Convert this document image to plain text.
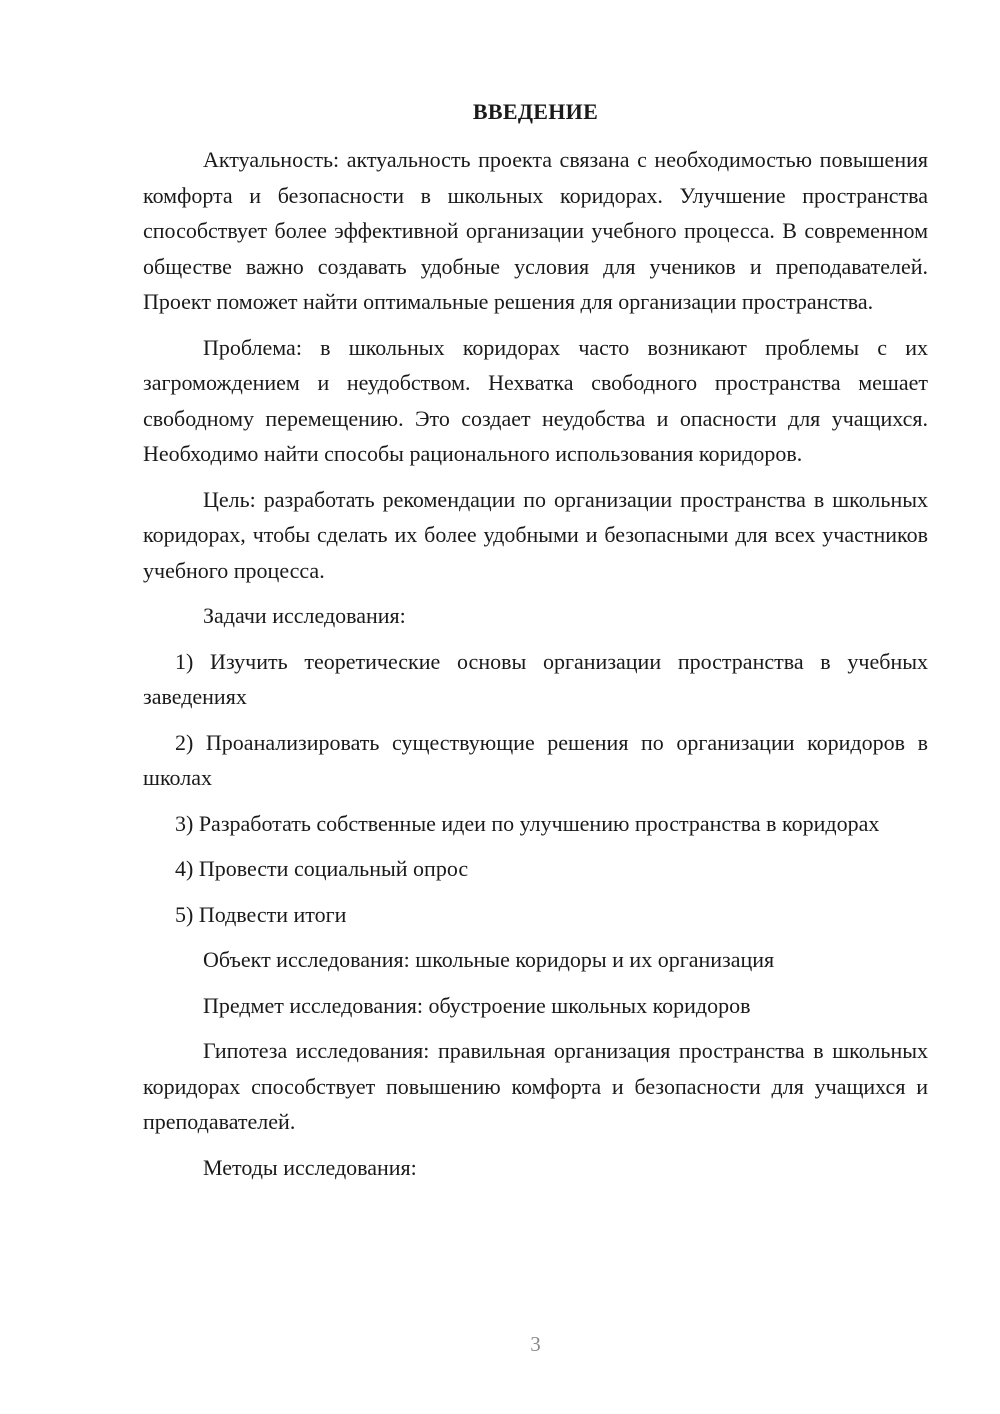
ВВЕДЕНИЕ

Актуальность: актуальность проекта связана с необходимостью повышения комфорта и безопасности в школьных коридорах. Улучшение пространства способствует более эффективной организации учебного процесса. В современном обществе важно создавать удобные условия для учеников и преподавателей. Проект поможет найти оптимальные решения для организации пространства.

Проблема: в школьных коридорах часто возникают проблемы с их загромождением и неудобством. Нехватка свободного пространства мешает свободному перемещению. Это создает неудобства и опасности для учащихся. Необходимо найти способы рационального использования коридоров.

Цель: разработать рекомендации по организации пространства в школьных коридорах, чтобы сделать их более удобными и безопасными для всех участников учебного процесса.

Задачи исследования:

1) Изучить теоретические основы организации пространства в учебных заведениях

2) Проанализировать существующие решения по организации коридоров в школах

3) Разработать собственные идеи по улучшению пространства в коридорах

4) Провести социальный опрос

5) Подвести итоги

Объект исследования: школьные коридоры и их организация

Предмет исследования: обустроение школьных коридоров

Гипотеза исследования: правильная организация пространства в школьных коридорах способствует повышению комфорта и безопасности для учащихся и преподавателей.

Методы исследования:

3
